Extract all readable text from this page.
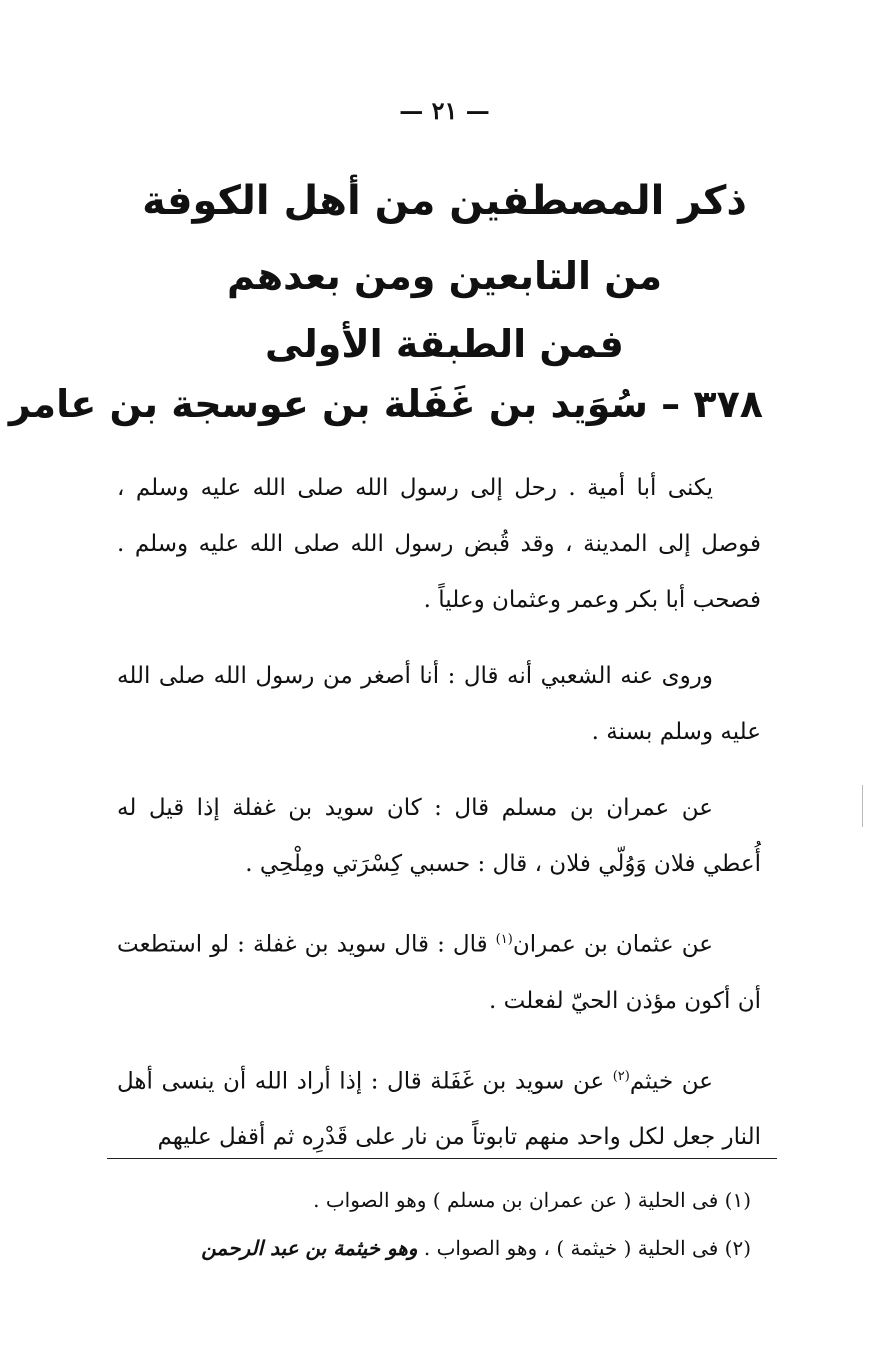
— ٢١ —
ذكر المصطفين من أهل الكوفة
من التابعين ومن بعدهم
فمن الطبقة الأولى
٣٧٨ – سُوَيد بن غَفَلة بن عوسجة بن عامر

يكنى أبا أمية . رحل إلى رسول الله صلى الله عليه وسلم ، فوصل إلى المدينة ، وقد قُبض رسول الله صلى الله عليه وسلم . فصحب أبا بكر وعمر وعثمان وعلياً .

وروى عنه الشعبي أنه قال : أنا أصغر من رسول الله صلى الله عليه وسلم بسنة .

عن عمران بن مسلم قال : كان سويد بن غفلة إذا قيل له أُعطي فلان وَوُلّي فلان ، قال : حسبي كِسْرَتي ومِلْحِي .

عن عثمان بن عمران$^{(١)}$ قال : قال سويد بن غفلة : لو استطعت أن أكون مؤذن الحيّ لفعلت .

عن خيثم$^{(٢)}$ عن سويد بن غَفَلة قال : إذا أراد الله أن ينسى أهل النار جعل لكل واحد منهم تابوتاً من نار على قَدْرِه ثم أقفل عليهم

(١) فى الحلية ( عن عمران بن مسلم ) وهو الصواب .

(٢) فى الحلية ( خيثمة ) ، وهو الصواب . وهو خيثمة بن عبد الرحمن
